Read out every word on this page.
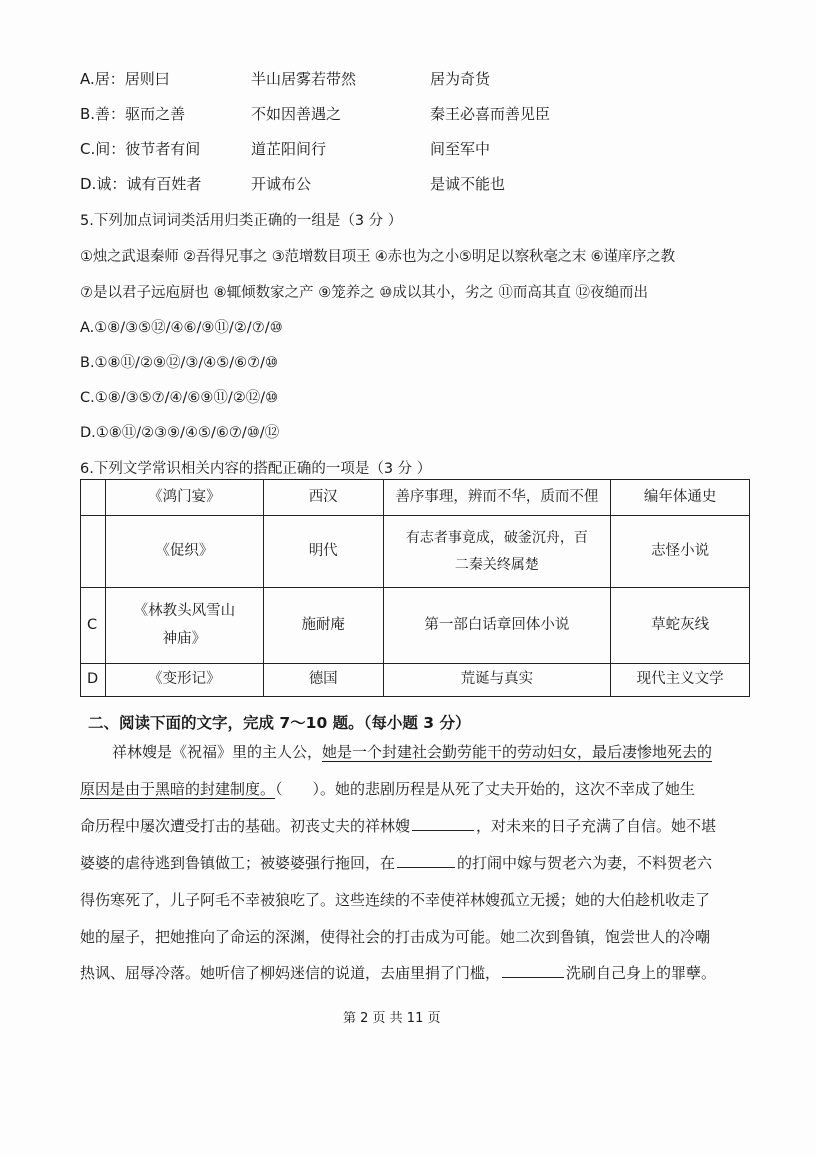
A.居：居则曰	半山居雾若带然	居为奇货
B.善：驱而之善	不如因善遇之	秦王必喜而善见臣
C.间：彼节者有间	道芷阳间行	间至军中
D.诚：诚有百姓者	开诚布公	是诚不能也
5.下列加点词词类活用归类正确的一组是（3 分 ）
①烛之武退秦师 ②吾得兄事之 ③范增数目项王 ④赤也为之小⑤明足以察秋毫之末 ⑥谨庠序之教
⑦是以君子远庖厨也 ⑧辄倾数家之产 ⑨笼养之 ⑩成以其小，劣之 ⑪而高其直 ⑫夜缒而出
A.①⑧/③⑤⑫/④⑥/⑨⑪/②/⑦/⑩
B.①⑧⑪/②⑨⑫/③/④⑤/⑥⑦/⑩
C.①⑧/③⑤⑦/④/⑥⑨⑪/②⑫/⑩
D.①⑧⑪/②③⑨/④⑤/⑥⑦/⑩/⑫
6.下列文学常识相关内容的搭配正确的一项是（3 分 ）
	《鸿门宴》	西汉	善序事理，辨而不华，质而不俚	编年体通史
	《促织》	明代	有志者事竟成，破釜沉舟，百二秦关终属楚	志怪小说
C	《林教头风雪山神庙》	施耐庵	第一部白话章回体小说	草蛇灰线
D	《变形记》	德国	荒诞与真实	现代主义文学
二、阅读下面的文字，完成 7～10 题。（每小题 3 分）
祥林嫂是《祝福》里的主人公，她是一个封建社会勤劳能干的劳动妇女，最后凄惨地死去的
原因是由于黑暗的封建制度。（　　）。她的悲剧历程是从死了丈夫开始的，这次不幸成了她生
命历程中屡次遭受打击的基础。初丧丈夫的祥林嫂	，对未来的日子充满了自信。她不堪
婆婆的虐待逃到鲁镇做工；被婆婆强行拖回，在	的打闹中嫁与贺老六为妻，不料贺老六
得伤寒死了，儿子阿毛不幸被狼吃了。这些连续的不幸使祥林嫂孤立无援；她的大伯趁机收走了
她的屋子，把她推向了命运的深渊，使得社会的打击成为可能。她二次到鲁镇，饱尝世人的冷嘲
热讽、屈辱冷落。她听信了柳妈迷信的说道，去庙里捐了门槛，	洗刷自己身上的罪孽。
第 2 页 共 11 页
